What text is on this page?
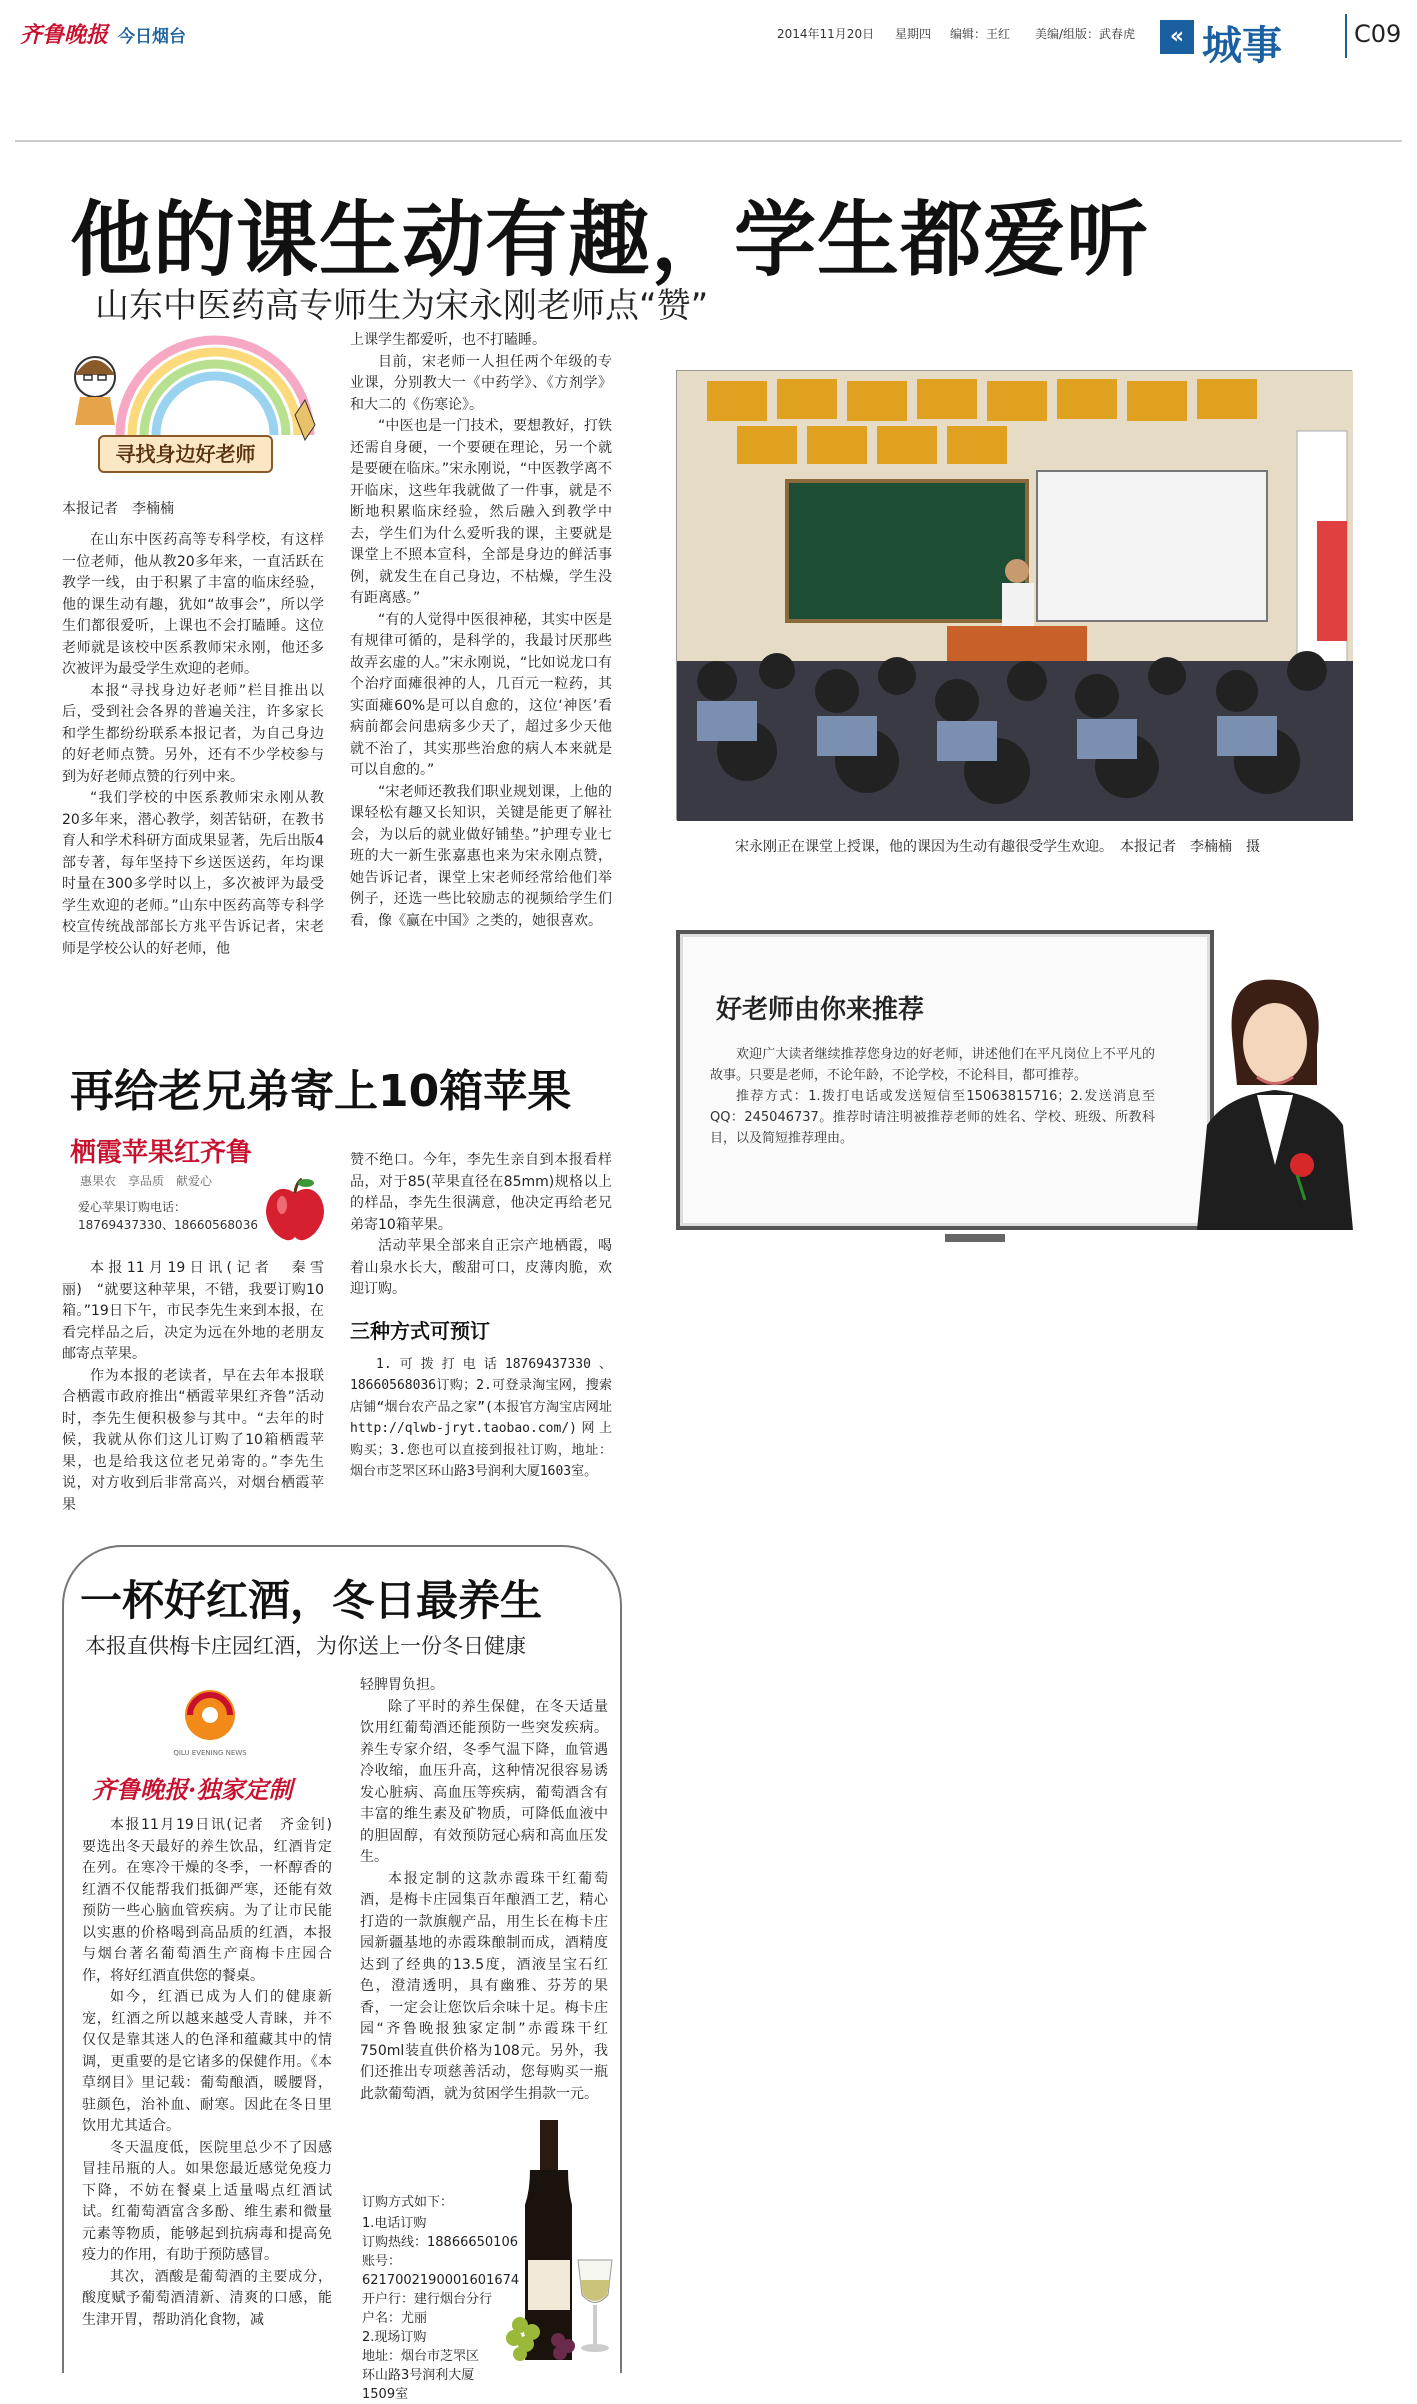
齐鲁晚报 今日烟台	2014年11月20日 星期四 编辑：王红 美编/组版：武春虎	« 城事	C09
他的课生动有趣，学生都爱听
山东中医药高专师生为宋永刚老师点“赞”
寻找身边好老师
本报记者　李楠楠

在山东中医药高等专科学校，有这样一位老师，他从教20多年来，一直活跃在教学一线，由于积累了丰富的临床经验，他的课生动有趣，犹如“故事会”，所以学生们都很爱听，上课也不会打瞌睡。这位老师就是该校中医系教师宋永刚，他还多次被评为最受学生欢迎的老师。

本报“寻找身边好老师”栏目推出以后，受到社会各界的普遍关注，许多家长和学生都纷纷联系本报记者，为自己身边的好老师点赞。另外，还有不少学校参与到为好老师点赞的行列中来。

“我们学校的中医系教师宋永刚从教20多年来，潜心教学，刻苦钻研，在教书育人和学术科研方面成果显著，先后出版4部专著，每年坚持下乡送医送药，年均课时量在300多学时以上，多次被评为最受学生欢迎的老师。”山东中医药高等专科学校宣传统战部部长方兆平告诉记者，宋老师是学校公认的好老师，他

上课学生都爱听，也不打瞌睡。

目前，宋老师一人担任两个年级的专业课，分别教大一《中药学》、《方剂学》和大二的《伤寒论》。

“中医也是一门技术，要想教好，打铁还需自身硬，一个要硬在理论，另一个就是要硬在临床。”宋永刚说，“中医教学离不开临床，这些年我就做了一件事，就是不断地积累临床经验，然后融入到教学中去，学生们为什么爱听我的课，主要就是课堂上不照本宣科，全部是身边的鲜活事例，就发生在自己身边，不枯燥，学生没有距离感。”

“有的人觉得中医很神秘，其实中医是有规律可循的，是科学的，我最讨厌那些故弄玄虚的人。”宋永刚说，“比如说龙口有个治疗面瘫很神的人，几百元一粒药，其实面瘫60%是可以自愈的，这位‘神医’看病前都会问患病多少天了，超过多少天他就不治了，其实那些治愈的病人本来就是可以自愈的。”

“宋老师还教我们职业规划课，上他的课轻松有趣又长知识，关键是能更了解社会，为以后的就业做好铺垫。”护理专业七班的大一新生张嘉惠也来为宋永刚点赞，她告诉记者，课堂上宋老师经常给他们举例子，还选一些比较励志的视频给学生们看，像《赢在中国》之类的，她很喜欢。

宋永刚正在课堂上授课，他的课因为生动有趣很受学生欢迎。　本报记者　李楠楠　摄
好老师由你来推荐

欢迎广大读者继续推荐您身边的好老师，讲述他们在平凡岗位上不平凡的故事。只要是老师，不论年龄，不论学校，不论科目，都可推荐。

推荐方式：1.拨打电话或发送短信至15063815716；2.发送消息至QQ：245046737。推荐时请注明被推荐老师的姓名、学校、班级、所教科目，以及简短推荐理由。

再给老兄弟寄上10箱苹果
栖霞苹果红齐鲁
惠果农　享品质　献爱心
爱心苹果订购电话：
18769437330、18660568036

本报11月19日讯(记者　秦雪丽)　“就要这种苹果，不错，我要订购10箱。”19日下午，市民李先生来到本报，在看完样品之后，决定为远在外地的老朋友邮寄点苹果。

作为本报的老读者，早在去年本报联合栖霞市政府推出“栖霞苹果红齐鲁”活动时，李先生便积极参与其中。“去年的时候，我就从你们这儿订购了10箱栖霞苹果，也是给我这位老兄弟寄的。”李先生说，对方收到后非常高兴，对烟台栖霞苹果

赞不绝口。今年，李先生亲自到本报看样品，对于85(苹果直径在85mm)规格以上的样品，李先生很满意，他决定再给老兄弟寄10箱苹果。

活动苹果全部来自正宗产地栖霞，喝着山泉水长大，酸甜可口，皮薄肉脆，欢迎订购。

三种方式可预订

1.可拨打电话18769437330、18660568036订购；2.可登录淘宝网，搜索店铺“烟台农产品之家”(本报官方淘宝店网址http://qlwb-jryt.taobao.com/)网上购买；3.您也可以直接到报社订购，地址：烟台市芝罘区环山路3号润利大厦1603室。

一杯好红酒，冬日最养生
本报直供梅卡庄园红酒，为你送上一份冬日健康
QILU EVENING NEWS
齐鲁晚报·独家定制

本报11月19日讯(记者　齐金钊)　要选出冬天最好的养生饮品，红酒肯定在列。在寒冷干燥的冬季，一杯醇香的红酒不仅能帮我们抵御严寒，还能有效预防一些心脑血管疾病。为了让市民能以实惠的价格喝到高品质的红酒，本报与烟台著名葡萄酒生产商梅卡庄园合作，将好红酒直供您的餐桌。

如今，红酒已成为人们的健康新宠，红酒之所以越来越受人青睐，并不仅仅是靠其迷人的色泽和蕴藏其中的情调，更重要的是它诸多的保健作用。《本草纲目》里记载：葡萄酿酒，暖腰肾，驻颜色，治补血、耐寒。因此在冬日里饮用尤其适合。

冬天温度低，医院里总少不了因感冒挂吊瓶的人。如果您最近感觉免疫力下降，不妨在餐桌上适量喝点红酒试试。红葡萄酒富含多酚、维生素和微量元素等物质，能够起到抗病毒和提高免疫力的作用，有助于预防感冒。

其次，酒酸是葡萄酒的主要成分，酸度赋予葡萄酒清新、清爽的口感，能生津开胃，帮助消化食物，减

轻脾胃负担。

除了平时的养生保健，在冬天适量饮用红葡萄酒还能预防一些突发疾病。养生专家介绍，冬季气温下降，血管遇冷收缩，血压升高，这种情况很容易诱发心脏病、高血压等疾病，葡萄酒含有丰富的维生素及矿物质，可降低血液中的胆固醇，有效预防冠心病和高血压发生。

本报定制的这款赤霞珠干红葡萄酒，是梅卡庄园集百年酿酒工艺，精心打造的一款旗舰产品，用生长在梅卡庄园新疆基地的赤霞珠酿制而成，酒精度达到了经典的13.5度，酒液呈宝石红色，澄清透明，具有幽雅、芬芳的果香，一定会让您饮后余味十足。梅卡庄园“齐鲁晚报独家定制”赤霞珠干红750ml装直供价格为108元。另外，我们还推出专项慈善活动，您每购买一瓶此款葡萄酒，就为贫困学生捐款一元。

订购方式如下：
1.电话订购
订购热线：18866650106
账号：
6217002190001601674
开户行：建行烟台分行
户名：尤丽
2.现场订购
地址：烟台市芝罘区
环山路3号润利大厦
1509室
